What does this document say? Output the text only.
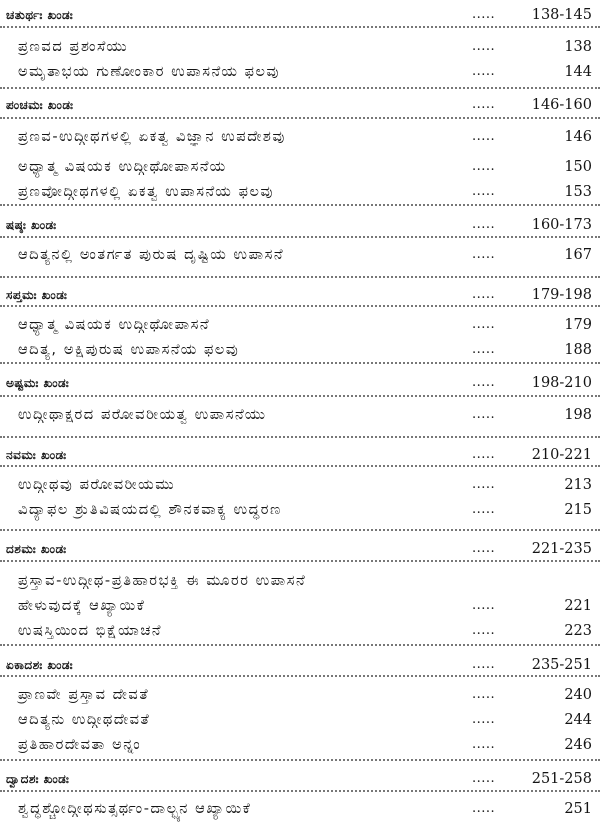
ಚತುರ್ಥಃ ಖಂಡಃ	.....	138-145
ಪ್ರಣವದ ಪ್ರಶಂಸೆಯು	.....	138
ಅಮೃತಾಭಯ ಗುಣೋಂಕಾರ ಉಪಾಸನೆಯ ಫಲವು	.....	144
ಪಂಚಮಃ ಖಂಡಃ	.....	146-160
ಪ್ರಣವ-ಉದ್ಗೀಥಗಳಲ್ಲಿ ಏಕತ್ವ ವಿಜ್ಞಾನ ಉಪದೇಶವು	.....	146
ಅಧ್ಯಾತ್ಮ ವಿಷಯಕ ಉದ್ಗೀಥೋಪಾಸನೆಯ	.....	150
ಪ್ರಣವೋದ್ಗೀಥಗಳಲ್ಲಿ ಏಕತ್ವ ಉಪಾಸನೆಯ ಫಲವು	.....	153
ಷಷ್ಠಃ ಖಂಡಃ	.....	160-173
ಆದಿತ್ಯನಲ್ಲಿ ಅಂತರ್ಗತ ಪುರುಷ ದೃಷ್ಟಿಯ ಉಪಾಸನೆ	.....	167
ಸಪ್ತಮಃ ಖಂಡಃ	.....	179-198
ಆಧ್ಯಾತ್ಮ ವಿಷಯಕ ಉದ್ಗೀಥೋಪಾಸನೆ	.....	179
ಆದಿತ್ಯ, ಅಕ್ಷಿಪುರುಷ ಉಪಾಸನೆಯ ಫಲವು	.....	188
ಅಷ್ಟಮಃ ಖಂಡಃ	.....	198-210
ಉದ್ಗೀಥಾಕ್ಷರದ ಪರೋವರೀಯತ್ವ ಉಪಾಸನೆಯು	.....	198
ನವಮಃ ಖಂಡಃ	.....	210-221
ಉದ್ಗೀಥವು ಪರೋವರೀಯಮು	.....	213
ವಿದ್ಯಾಫಲ ಶ್ರುತಿವಿಷಯದಲ್ಲಿ ಶೌನಕವಾಕ್ಯ ಉದ್ಧರಣ	.....	215
ದಶಮಃ ಖಂಡಃ	.....	221-235
ಪ್ರಸ್ತಾವ-ಉದ್ಗೀಥ-ಪ್ರತಿಹಾರಭಕ್ತಿ ಈ ಮೂರರ ಉಪಾಸನೆ
ಹೇಳುವುದಕ್ಕೆ ಆಖ್ಯಾಯಿಕೆ	.....	221
ಉಷಸ್ತಿಯಿಂದ ಭಿಕ್ಷೆಯಾಚನೆ	.....	223
ಏಕಾದಶಃ ಖಂಡಃ	.....	235-251
ಪ್ರಾಣವೇ ಪ್ರಸ್ತಾವ ದೇವತೆ	.....	240
ಆದಿತ್ಯನು ಉದ್ಗೀಥದೇವತೆ	.....	244
ಪ್ರತಿಹಾರದೇವತಾ ಅನ್ನಂ	.....	246
ದ್ವಾದಶಃ ಖಂಡಃ	.....	251-258
ಶ್ವದ್ಧಶ್ಚೋದ್ಗೀಥಸುತ್ಸರ್ಥಂ-ದಾಲ್ಭ್ಯನ ಆಖ್ಯಾಯಿಕೆ	.....	251
